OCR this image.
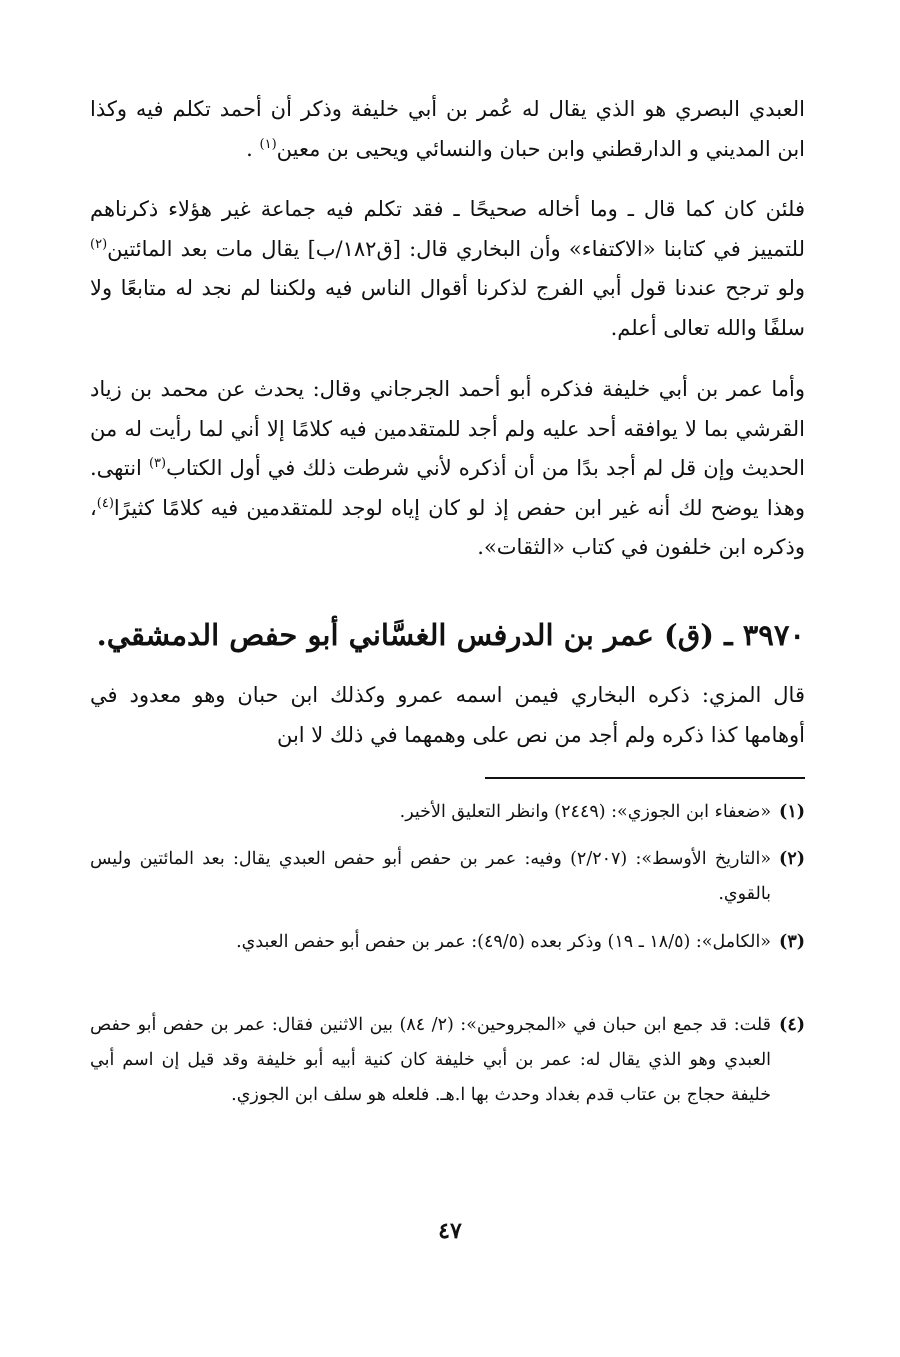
العبدي البصري هو الذي يقال له عُمر بن أبي خليفة وذكر أن أحمد تكلم فيه وكذا ابن المديني و الدارقطني وابن حبان والنسائي ويحيى بن معين$^{(١)}$ .

فلئن كان كما قال ـ وما أخاله صحيحًا ـ فقد تكلم فيه جماعة غير هؤلاء ذكرناهم للتمييز في كتابنا «الاكتفاء» وأن البخاري قال: [ق١٨٢/ب] يقال مات بعد المائتين$^{(٢)}$ ولو ترجح عندنا قول أبي الفرج لذكرنا أقوال الناس فيه ولكننا لم نجد له متابعًا ولا سلفًا والله تعالى أعلم.

وأما عمر بن أبي خليفة فذكره أبو أحمد الجرجاني وقال: يحدث عن محمد بن زياد القرشي بما لا يوافقه أحد عليه ولم أجد للمتقدمين فيه كلامًا إلا أني لما رأيت له من الحديث وإن قل لم أجد بدًا من أن أذكره لأني شرطت ذلك في أول الكتاب$^{(٣)}$ انتهى. وهذا يوضح لك أنه غير ابن حفص إذ لو كان إياه لوجد للمتقدمين فيه كلامًا كثيرًا$^{(٤)}$، وذكره ابن خلفون في كتاب «الثقات».

٣٩٧٠ ـ (ق) عمر بن الدرفس الغسَّاني أبو حفص الدمشقي.

قال المزي: ذكره البخاري فيمن اسمه عمرو وكذلك ابن حبان وهو معدود في أوهامها كذا ذكره ولم أجد من نص على وهمهما في ذلك لا ابن

(١)
«ضعفاء ابن الجوزي»: (٢٤٤٩) وانظر التعليق الأخير.
(٢)
«التاريخ الأوسط»: (٢/٢٠٧) وفيه: عمر بن حفص أبو حفص العبدي يقال: بعد المائتين وليس بالقوي.
(٣)
«الكامل»: (١٨/٥ ـ ١٩) وذكر بعده (٤٩/٥): عمر بن حفص أبو حفص العبدي.
(٤)
قلت: قد جمع ابن حبان في «المجروحين»: (٢/ ٨٤) بين الاثنين فقال: عمر بن حفص أبو حفص العبدي وهو الذي يقال له: عمر بن أبي خليفة كان كنية أبيه أبو خليفة وقد قيل إن اسم أبي خليفة حجاج بن عتاب قدم بغداد وحدث بها ا.هـ. فلعله هو سلف ابن الجوزي.
٤٧
